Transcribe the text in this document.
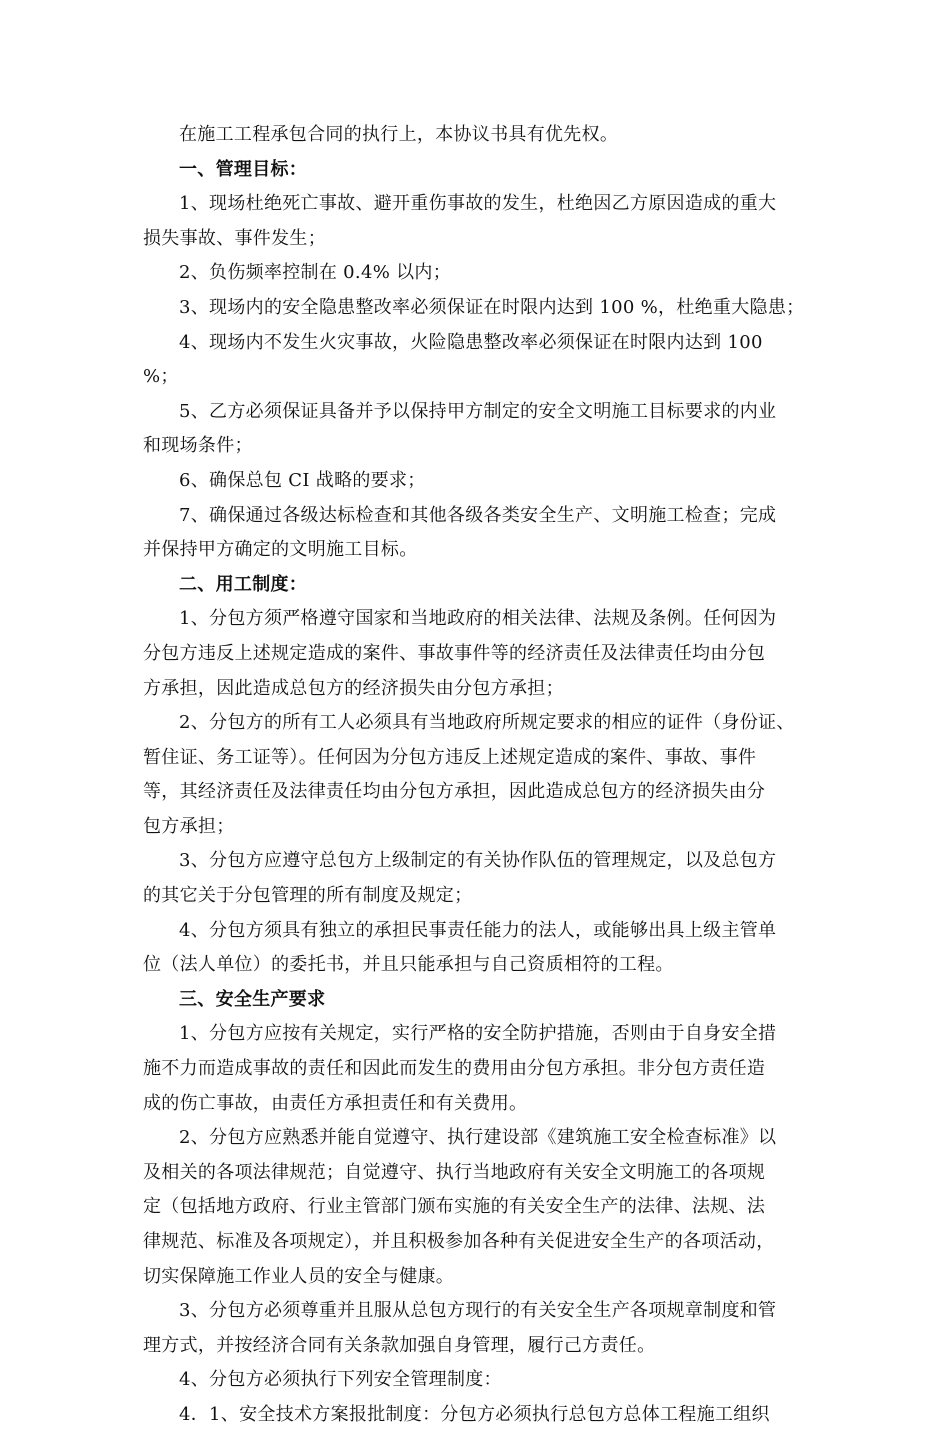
在施工工程承包合同的执行上，本协议书具有优先权。
一、管理目标：
1、现场杜绝死亡事故、避开重伤事故的发生，杜绝因乙方原因造成的重大
损失事故、事件发生；
2、负伤频率控制在 0.4% 以内；
3、现场内的安全隐患整改率必须保证在时限内达到 100 %，杜绝重大隐患；
4、现场内不发生火灾事故，火险隐患整改率必须保证在时限内达到 100
%；
5、乙方必须保证具备并予以保持甲方制定的安全文明施工目标要求的内业
和现场条件；
6、确保总包 CI 战略的要求；
7、确保通过各级达标检查和其他各级各类安全生产、文明施工检查；完成
并保持甲方确定的文明施工目标。
二、用工制度：
1、分包方须严格遵守国家和当地政府的相关法律、法规及条例。任何因为
分包方违反上述规定造成的案件、事故事件等的经济责任及法律责任均由分包
方承担，因此造成总包方的经济损失由分包方承担；
2、分包方的所有工人必须具有当地政府所规定要求的相应的证件（身份证、
暂住证、务工证等）。任何因为分包方违反上述规定造成的案件、事故、事件
等，其经济责任及法律责任均由分包方承担，因此造成总包方的经济损失由分
包方承担；
3、分包方应遵守总包方上级制定的有关协作队伍的管理规定，以及总包方
的其它关于分包管理的所有制度及规定；
4、分包方须具有独立的承担民事责任能力的法人，或能够出具上级主管单
位（法人单位）的委托书，并且只能承担与自己资质相符的工程。
三、安全生产要求
1、分包方应按有关规定，实行严格的安全防护措施，否则由于自身安全措
施不力而造成事故的责任和因此而发生的费用由分包方承担。非分包方责任造
成的伤亡事故，由责任方承担责任和有关费用。
2、分包方应熟悉并能自觉遵守、执行建设部《建筑施工安全检查标准》以
及相关的各项法律规范；自觉遵守、执行当地政府有关安全文明施工的各项规
定（包括地方政府、行业主管部门颁布实施的有关安全生产的法律、法规、法
律规范、标准及各项规定），并且积极参加各种有关促进安全生产的各项活动，
切实保障施工作业人员的安全与健康。
3、分包方必须尊重并且服从总包方现行的有关安全生产各项规章制度和管
理方式，并按经济合同有关条款加强自身管理，履行己方责任。
4、分包方必须执行下列安全管理制度：
4．1、安全技术方案报批制度：分包方必须执行总包方总体工程施工组织
